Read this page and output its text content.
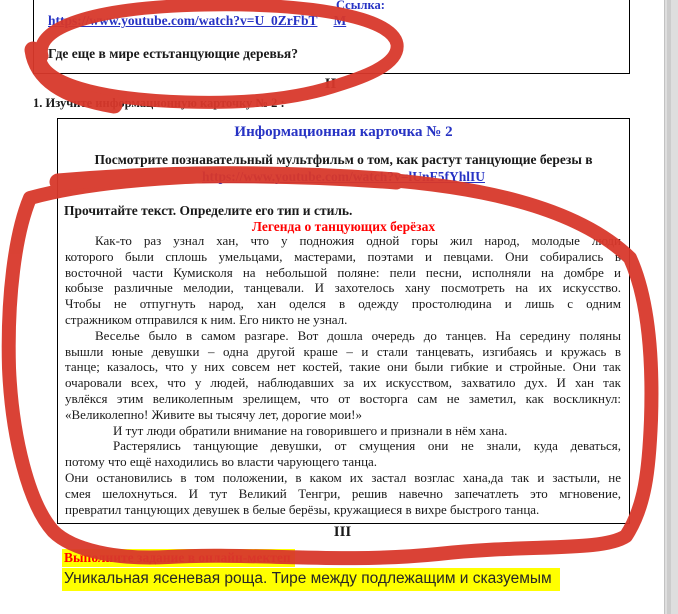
Ссылка:
https://www.youtube.com/watch?v=U_0ZrFbT M
Где еще в мире естьтанцующие деревья?
II
1. Изучите информационную карточку № 2 :
Информационная карточка № 2
Посмотрите познавательный мультфильм о том, как растут танцующие березы в
https://www.youtube.com/watch?v=lUnF5fYhlIU
Прочитайте текст. Определите его тип и стиль.
Легенда о танцующих берёзах
Как-то раз узнал хан, что у подножия одной горы жил народ, молодые люди
которого были сплошь умельцами, мастерами, поэтами и певцами. Они собирались в
восточной части Кумисколя на небольшой поляне: пели песни, исполняли на домбре и
кобызе различные мелодии, танцевали. И захотелось хану посмотреть на их искусство.
Чтобы не отпугнуть народ, хан оделся в одежду простолюдина и лишь с одним
стражником отправился к ним. Его никто не узнал.
Веселье было в самом разгаре. Вот дошла очередь до танцев. На середину поляны
вышли юные девушки – одна другой краше – и стали танцевать, изгибаясь и кружась в
танце; казалось, что у них совсем нет костей, такие они были гибкие и стройные. Они так
очаровали всех, что у людей, наблюдавших за их искусством, захватило дух. И хан так
увлёкся этим великолепным зрелищем, что от восторга сам не заметил, как воскликнул:
«Великолепно! Живите вы тысячу лет, дорогие мои!»
И тут люди обратили внимание на говорившего и признали в нём хана.
Растерялись танцующие девушки, от смущения они не знали, куда деваться,
потому что ещё находились во власти чарующего танца.
Они остановились в том положении, в каком их застал возглас хана,да так и застыли, не
смея шелохнуться. И тут Великий Тенгри, решив навечно запечатлеть это мгновение,
превратил танцующих девушек в белые берёзы, кружащиеся в вихре быстрого танца.
III
Выполните задание в онлайн-мектеп
Уникальная ясеневая роща. Тире между подлежащим и сказуемым
